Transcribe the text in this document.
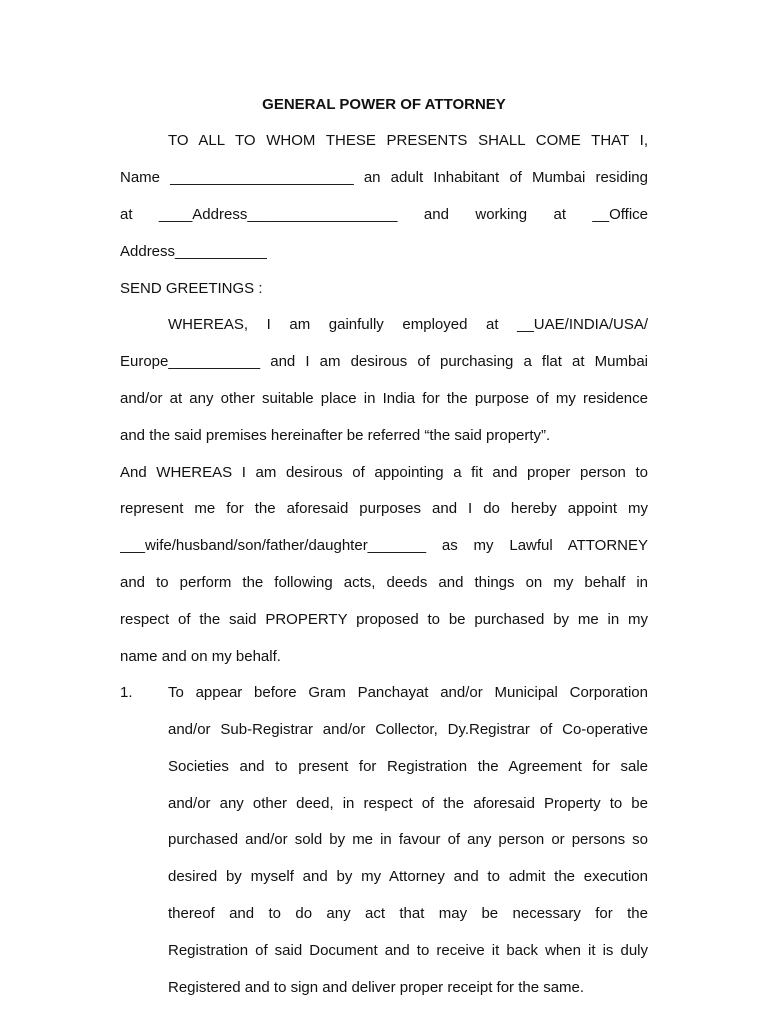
GENERAL POWER OF ATTORNEY
TO ALL TO WHOM THESE PRESENTS SHALL COME THAT I,
Name ______________________ an adult Inhabitant of Mumbai residing
at ____Address__________________ and working at __Office
Address___________
SEND GREETINGS :
WHEREAS, I am gainfully employed at __UAE/INDIA/USA/
Europe___________ and I am desirous of purchasing a flat at Mumbai
and/or at any other suitable place in India for the purpose of my residence
and the said premises hereinafter be referred “the said property”.
And WHEREAS I am desirous of appointing a fit and proper person to
represent me for the aforesaid purposes and I do hereby appoint my
___wife/husband/son/father/daughter_______ as my Lawful ATTORNEY
and to perform the following acts, deeds and things on my behalf in
respect of the said PROPERTY proposed to be purchased by me in my
name and on my behalf.
1.	To appear before Gram Panchayat and/or Municipal Corporation
and/or Sub-Registrar and/or Collector, Dy.Registrar of Co-operative
Societies and to present for Registration the Agreement for sale
and/or any other deed, in respect of the aforesaid Property to be
purchased and/or sold by me in favour of any person or persons so
desired by myself and by my Attorney and to admit the execution
thereof and to do any act that may be necessary for the
Registration of said Document and to receive it back when it is duly
Registered and to sign and deliver proper receipt for the same.
